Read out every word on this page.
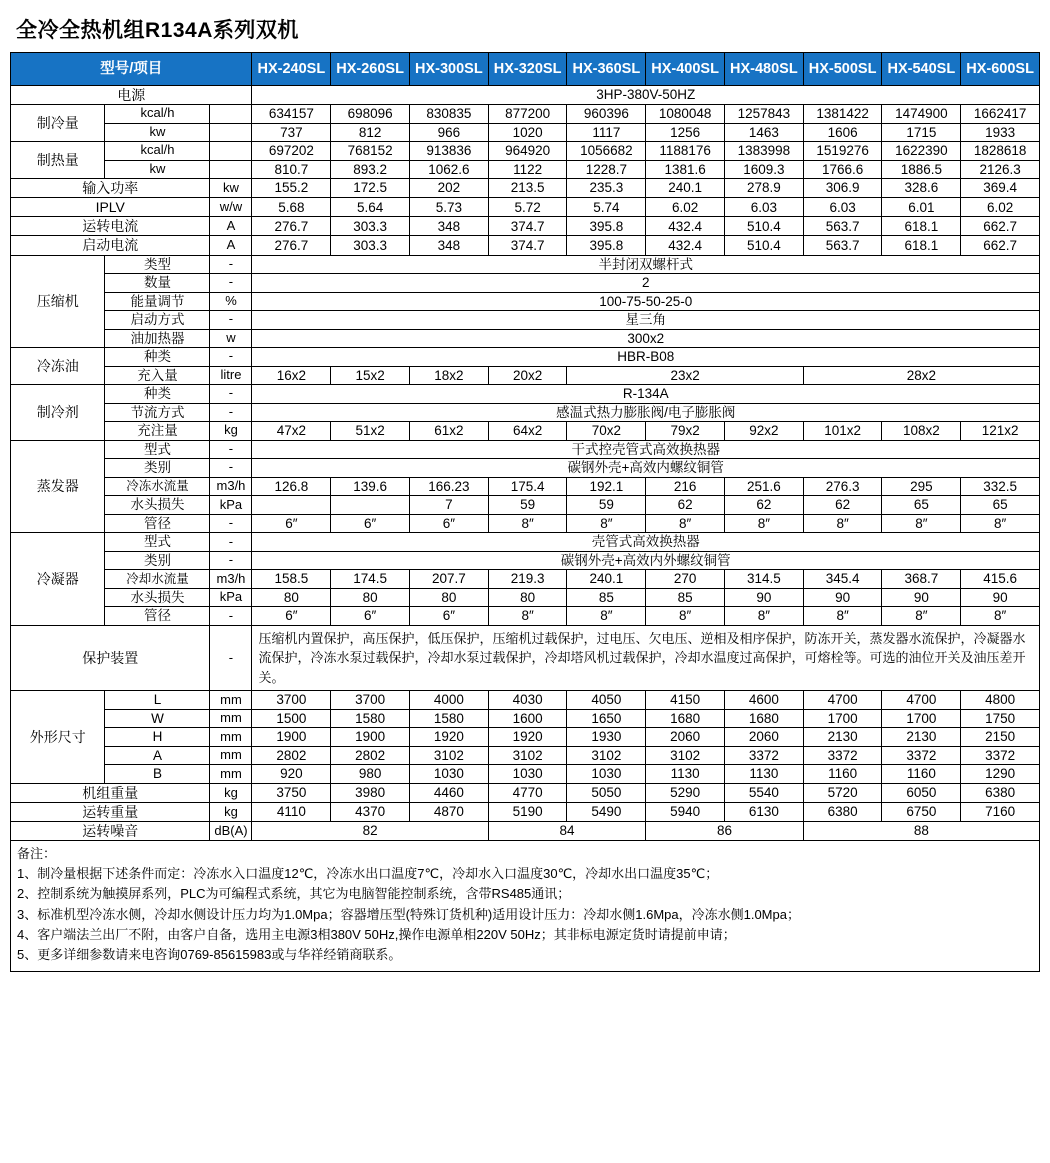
全冷全热机组R134A系列双机
型号/项目			HX-240SL	HX-260SL	HX-300SL	HX-320SL	HX-360SL	HX-400SL	HX-480SL	HX-500SL	HX-540SL	HX-600SL
电源			3HP-380V-50HZ									
制冷量	kcal/h		634157	698096	830835	877200	960396	1080048	1257843	1381422	1474900	1662417
	kw		737	812	966	1020	1117	1256	1463	1606	1715	1933
制热量	kcal/h		697202	768152	913836	964920	1056682	1188176	1383998	1519276	1622390	1828618
	kw		810.7	893.2	1062.6	1122	1228.7	1381.6	1609.3	1766.6	1886.5	2126.3
输入功率		kw	155.2	172.5	202	213.5	235.3	240.1	278.9	306.9	328.6	369.4
IPLV		w/w	5.68	5.64	5.73	5.72	5.74	6.02	6.03	6.03	6.01	6.02
运转电流		A	276.7	303.3	348	374.7	395.8	432.4	510.4	563.7	618.1	662.7
启动电流		A	276.7	303.3	348	374.7	395.8	432.4	510.4	563.7	618.1	662.7
压缩机	类型	-	半封闭双螺杆式									
	数量	-	2									
	能量调节	%	100-75-50-25-0									
	启动方式	-	星三角									
	油加热器	w	300x2									
冷冻油	种类	-	HBR-B08									
	充入量	litre	16x2	15x2	18x2	20x2	23x2			28x2		
制冷剂	种类	-	R-134A									
	节流方式	-	感温式热力膨胀阀/电子膨胀阀									
	充注量	kg	47x2	51x2	61x2	64x2	70x2	79x2	92x2	101x2	108x2	121x2
蒸发器	型式	-	干式控壳管式高效换热器									
	类别	-	碳钢外壳+高效内螺纹铜管									
	冷冻水流量	m3/h	126.8	139.6	166.23	175.4	192.1	216	251.6	276.3	295	332.5
	水头损失	kPa			7	59	59	62	62	62	65	65
	管径	-	6″	6″	6″	8″	8″	8″	8″	8″	8″	8″
冷凝器	型式	-	壳管式高效换热器									
	类别	-	碳钢外壳+高效内外螺纹铜管									
	冷却水流量	m3/h	158.5	174.5	207.7	219.3	240.1	270	314.5	345.4	368.7	415.6
	水头损失	kPa	80	80	80	80	85	85	90	90	90	90
	管径	-	6″	6″	6″	8″	8″	8″	8″	8″	8″	8″
保护装置		-	压缩机内置保护，高压保护，低压保护，压缩机过载保护，过电压、欠电压、逆相及相序保护，防冻开关，蒸发器水流保护，冷凝器水流保护，冷冻水泵过载保护，冷却水泵过载保护，冷却塔风机过载保护，冷却水温度过高保护，可熔栓等。可选的油位开关及油压差开关。									
外形尺寸	L	mm	3700	3700	4000	4030	4050	4150	4600	4700	4700	4800
	W	mm	1500	1580	1580	1600	1650	1680	1680	1700	1700	1750
	H	mm	1900	1900	1920	1920	1930	2060	2060	2130	2130	2150
	A	mm	2802	2802	3102	3102	3102	3102	3372	3372	3372	3372
	B	mm	920	980	1030	1030	1030	1130	1130	1160	1160	1290
机组重量		kg	3750	3980	4460	4770	5050	5290	5540	5720	6050	6380
运转重量		kg	4110	4370	4870	5190	5490	5940	6130	6380	6750	7160
运转噪音		dB(A)	82			84		86		88		
备注：
1、制冷量根据下述条件而定：冷冻水入口温度12℃，冷冻水出口温度7℃，冷却水入口温度30℃，冷却水出口温度35℃；
2、控制系统为触摸屏系列，PLC为可编程式系统，其它为电脑智能控制系统，含带RS485通讯；
3、标准机型冷冻水侧，冷却水侧设计压力均为1.0Mpa；容器增压型(特殊订货机种)适用设计压力：冷却水侧1.6Mpa，冷冻水侧1.0Mpa；
4、客户端法兰出厂不附，由客户自备，选用主电源3相380V 50Hz,操作电源单相220V 50Hz；其非标电源定货时请提前申请；
5、更多详细参数请来电咨询0769-85615983或与华祥经销商联系。
